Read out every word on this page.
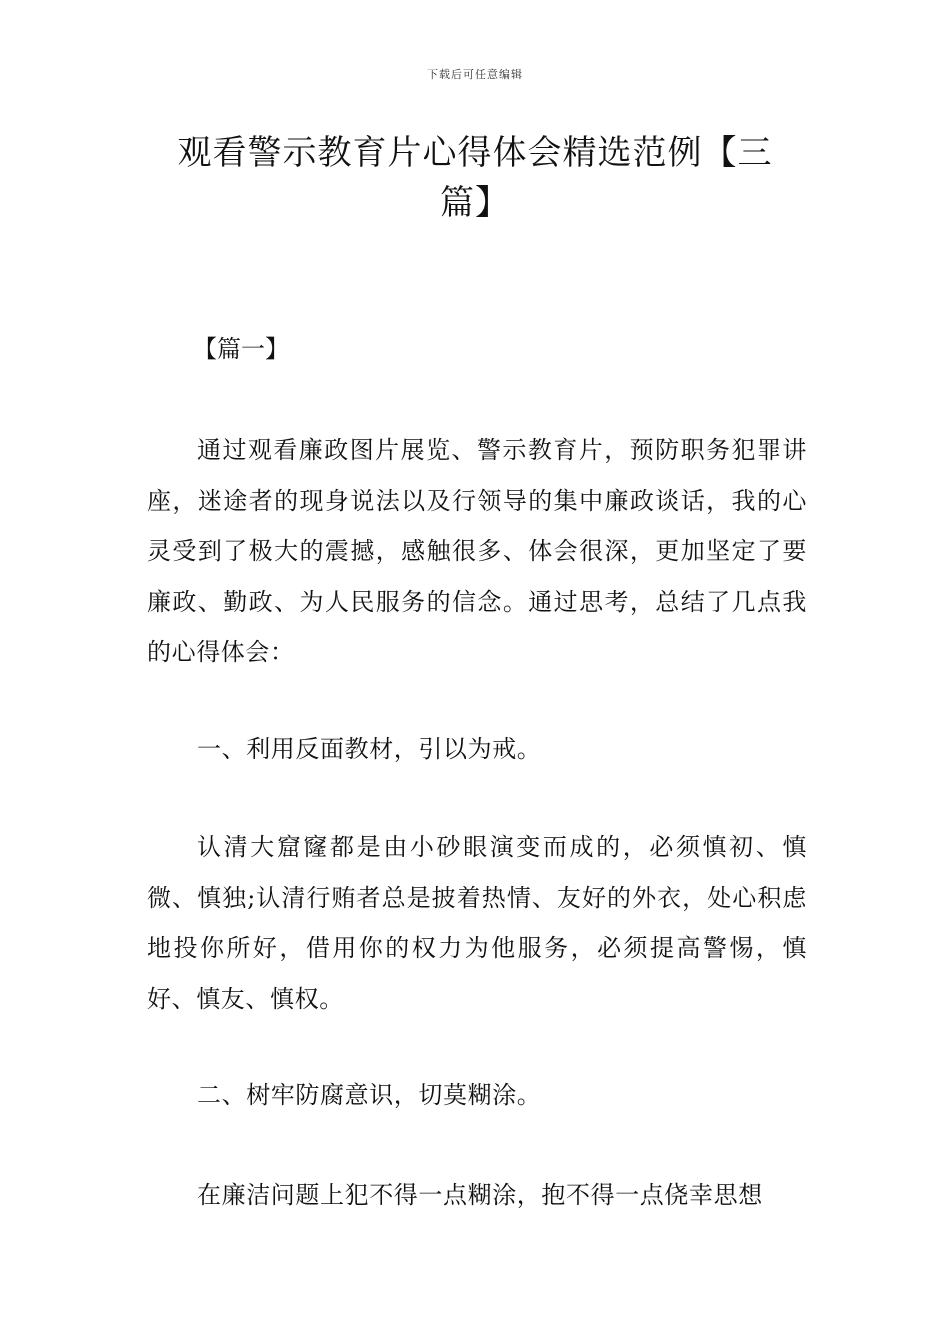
下载后可任意编辑
观看警示教育片心得体会精选范例【三篇】

【篇一】

通过观看廉政图片展览、警示教育片，预防职务犯罪讲座，迷途者的现身说法以及行领导的集中廉政谈话，我的心灵受到了极大的震撼，感触很多、体会很深，更加坚定了要廉政、勤政、为人民服务的信念。通过思考，总结了几点我的心得体会：

一、利用反面教材，引以为戒。

认清大窟窿都是由小砂眼演变而成的，必须慎初、慎微、慎独;认清行贿者总是披着热情、友好的外衣，处心积虑地投你所好，借用你的权力为他服务，必须提高警惕，慎好、慎友、慎权。

二、树牢防腐意识，切莫糊涂。

在廉洁问题上犯不得一点糊涂，抱不得一点侥幸思想
